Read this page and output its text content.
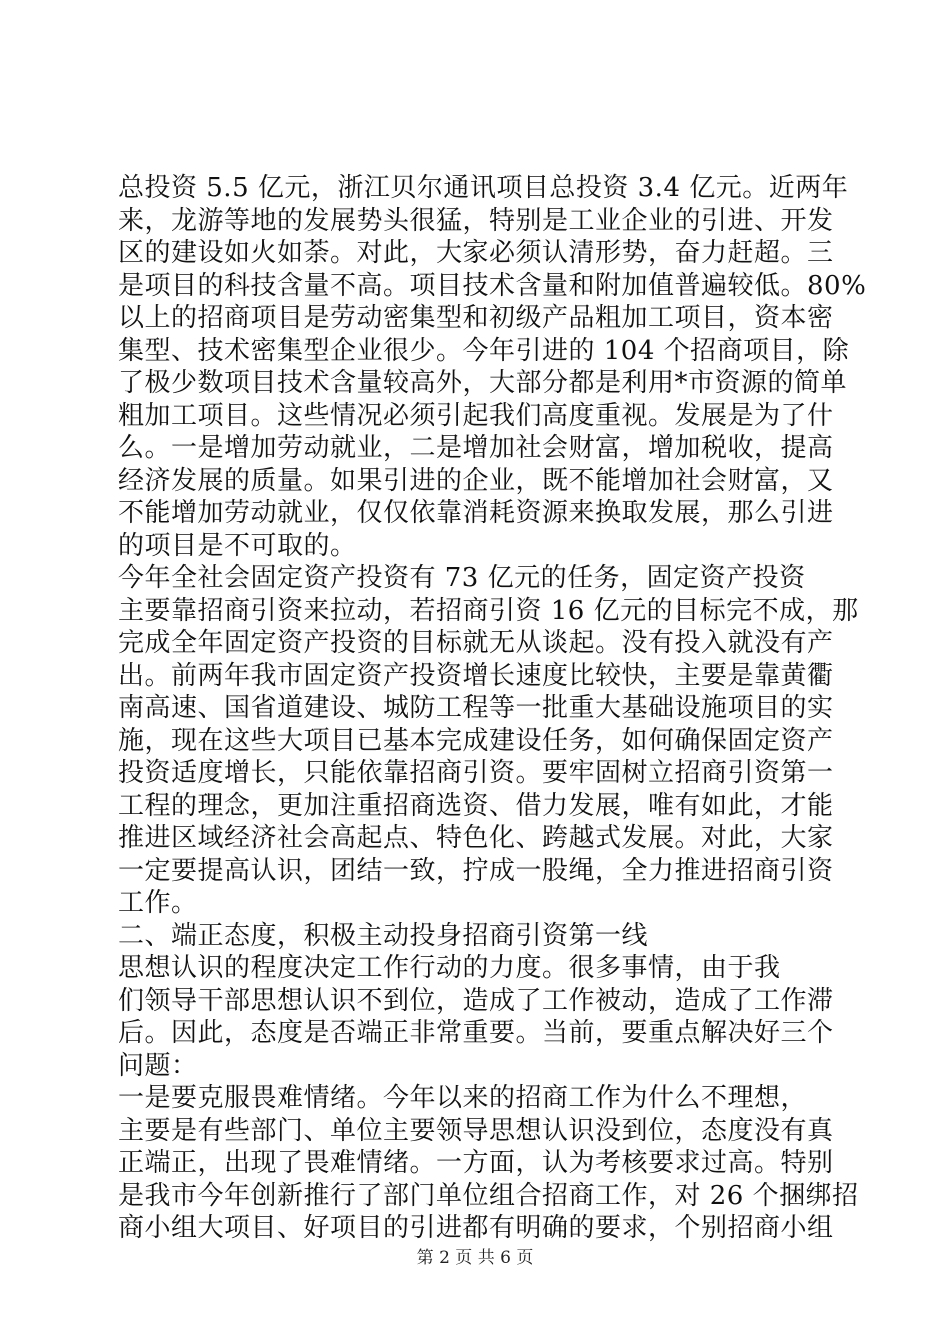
总投资 5.5 亿元，浙江贝尔通讯项目总投资 3.4 亿元。近两年
来，龙游等地的发展势头很猛，特别是工业企业的引进、开发
区的建设如火如荼。对此，大家必须认清形势，奋力赶超。三
是项目的科技含量不高。项目技术含量和附加值普遍较低。80%
以上的招商项目是劳动密集型和初级产品粗加工项目，资本密
集型、技术密集型企业很少。今年引进的 104 个招商项目，除
了极少数项目技术含量较高外，大部分都是利用*市资源的简单
粗加工项目。这些情况必须引起我们高度重视。发展是为了什
么。一是增加劳动就业，二是增加社会财富，增加税收，提高
经济发展的质量。如果引进的企业，既不能增加社会财富，又
不能增加劳动就业，仅仅依靠消耗资源来换取发展，那么引进
的项目是不可取的。
今年全社会固定资产投资有 73 亿元的任务，固定资产投资
主要靠招商引资来拉动，若招商引资 16 亿元的目标完不成，那
完成全年固定资产投资的目标就无从谈起。没有投入就没有产
出。前两年我市固定资产投资增长速度比较快，主要是靠黄衢
南高速、国省道建设、城防工程等一批重大基础设施项目的实
施，现在这些大项目已基本完成建设任务，如何确保固定资产
投资适度增长，只能依靠招商引资。要牢固树立招商引资第一
工程的理念，更加注重招商选资、借力发展，唯有如此，才能
推进区域经济社会高起点、特色化、跨越式发展。对此，大家
一定要提高认识，团结一致，拧成一股绳，全力推进招商引资
工作。
二、端正态度，积极主动投身招商引资第一线
思想认识的程度决定工作行动的力度。很多事情，由于我
们领导干部思想认识不到位，造成了工作被动，造成了工作滞
后。因此，态度是否端正非常重要。当前，要重点解决好三个
问题：
一是要克服畏难情绪。今年以来的招商工作为什么不理想，
主要是有些部门、单位主要领导思想认识没到位，态度没有真
正端正，出现了畏难情绪。一方面，认为考核要求过高。特别
是我市今年创新推行了部门单位组合招商工作，对 26 个捆绑招
商小组大项目、好项目的引进都有明确的要求，个别招商小组
第 2 页 共 6 页
